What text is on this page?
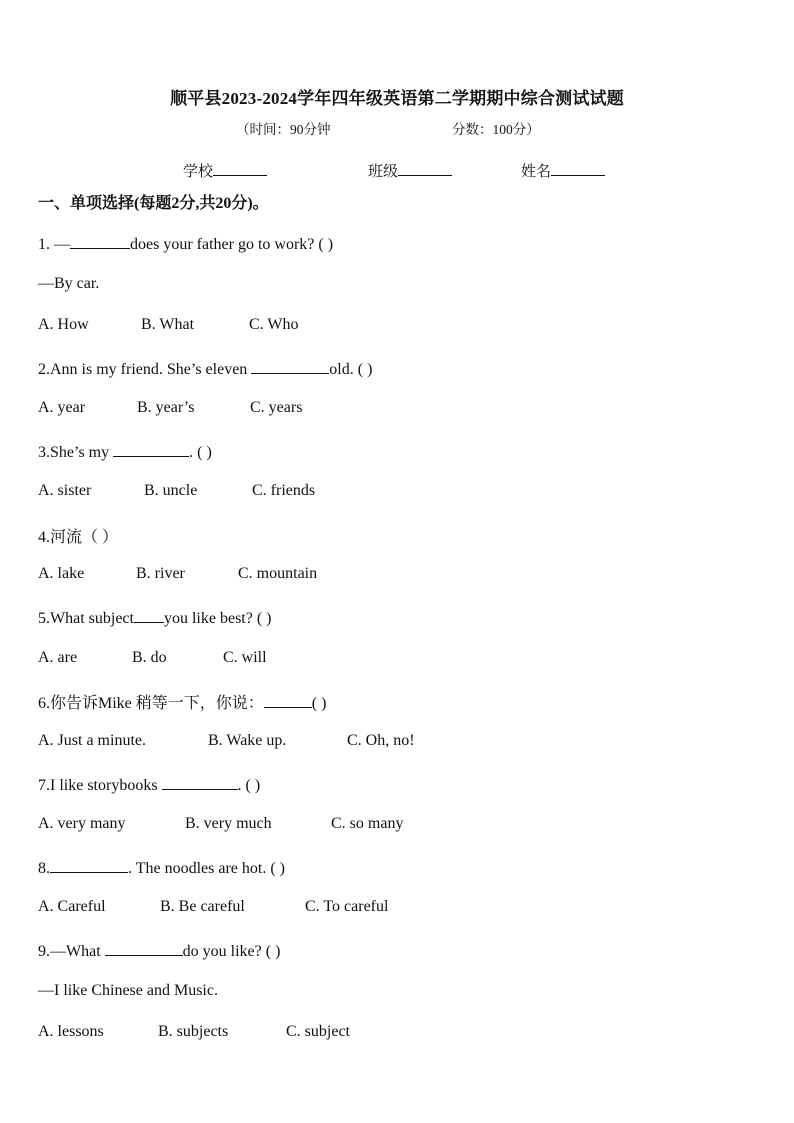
顺平县2023-2024学年四年级英语第二学期期中综合测试试题
（时间：90分钟	分数：100分）
学校	班级	姓名
一、单项选择(每题2分,共20分)。
1. —	does your father go to work? ( )
—By car.
A. How	B. What	C. Who
2.Ann is my friend. She’s eleven	old. ( )
A. year	B. year’s	C. years
3.She’s my	. ( )
A. sister	B. uncle	C. friends
4.河流（ ）
A. lake	B. river	C. mountain
5.What subject you like best? ( )
A. are	B. do	C. will
6.你告诉Mike 稍等一下，你说：	( )
A. Just a minute.	B. Wake up.	C. Oh, no!
7.I like storybooks	. ( )
A. very many	B. very much	C. so many
8.	. The noodles are hot. ( )
A. Careful	B. Be careful	C. To careful
9.—What	do you like? ( )
—I like Chinese and Music.
A. lessons	B. subjects	C. subject
